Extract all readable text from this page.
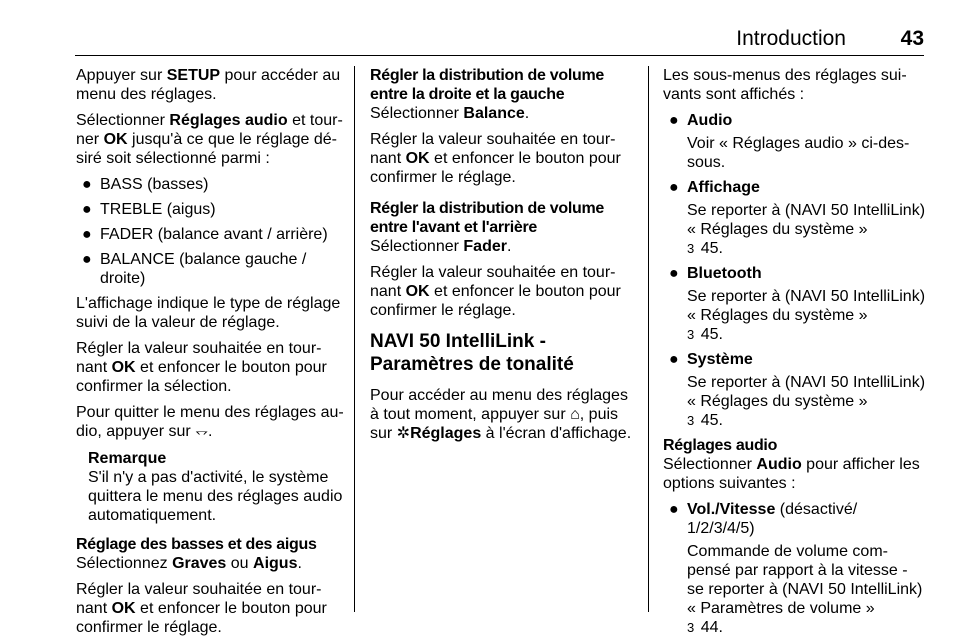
Introduction	43

Appuyer sur SETUP pour accéder au menu des réglages.

Sélectionner Réglages audio et tour-ner OK jusqu'à ce que le réglage dé-siré soit sélectionné parmi :

● BASS (basses)
● TREBLE (aigus)
● FADER (balance avant / arrière)
● BALANCE (balance gauche / droite)

L'affichage indique le type de réglage suivi de la valeur de réglage.

Régler la valeur souhaitée en tour-nant OK et enfoncer le bouton pour confirmer la sélection.

Pour quitter le menu des réglages au-dio, appuyer sur ⥐.

Remarque
S'il n'y a pas d'activité, le système quittera le menu des réglages audio automatiquement.
Réglage des basses et des aigus

Sélectionnez Graves ou Aigus.

Régler la valeur souhaitée en tour-nant OK et enfoncer le bouton pour confirmer le réglage.

Régler la distribution de volume entre la droite et la gauche

Sélectionner Balance.

Régler la valeur souhaitée en tour-nant OK et enfoncer le bouton pour confirmer le réglage.

Régler la distribution de volume entre l'avant et l'arrière

Sélectionner Fader.

Régler la valeur souhaitée en tour-nant OK et enfoncer le bouton pour confirmer le réglage.

NAVI 50 IntelliLink - Paramètres de tonalité

Pour accéder au menu des réglages à tout moment, appuyer sur ⌂, puis sur ✲Réglages à l'écran d'affichage.

Les sous-menus des réglages sui-vants sont affichés :

● Audio
Voir « Réglages audio » ci-des-sous.
● Affichage
Se reporter à (NAVI 50 IntelliLink) « Réglages du système »
3 45.
● Bluetooth
Se reporter à (NAVI 50 IntelliLink) « Réglages du système »
3 45.
● Système
Se reporter à (NAVI 50 IntelliLink) « Réglages du système »
3 45.
Réglages audio

Sélectionner Audio pour afficher les options suivantes :

● Vol./Vitesse (désactivé/ 1/2/3/4/5)
Commande de volume com-pensé par rapport à la vitesse - se reporter à (NAVI 50 IntelliLink) « Paramètres de volume »
3 44.
